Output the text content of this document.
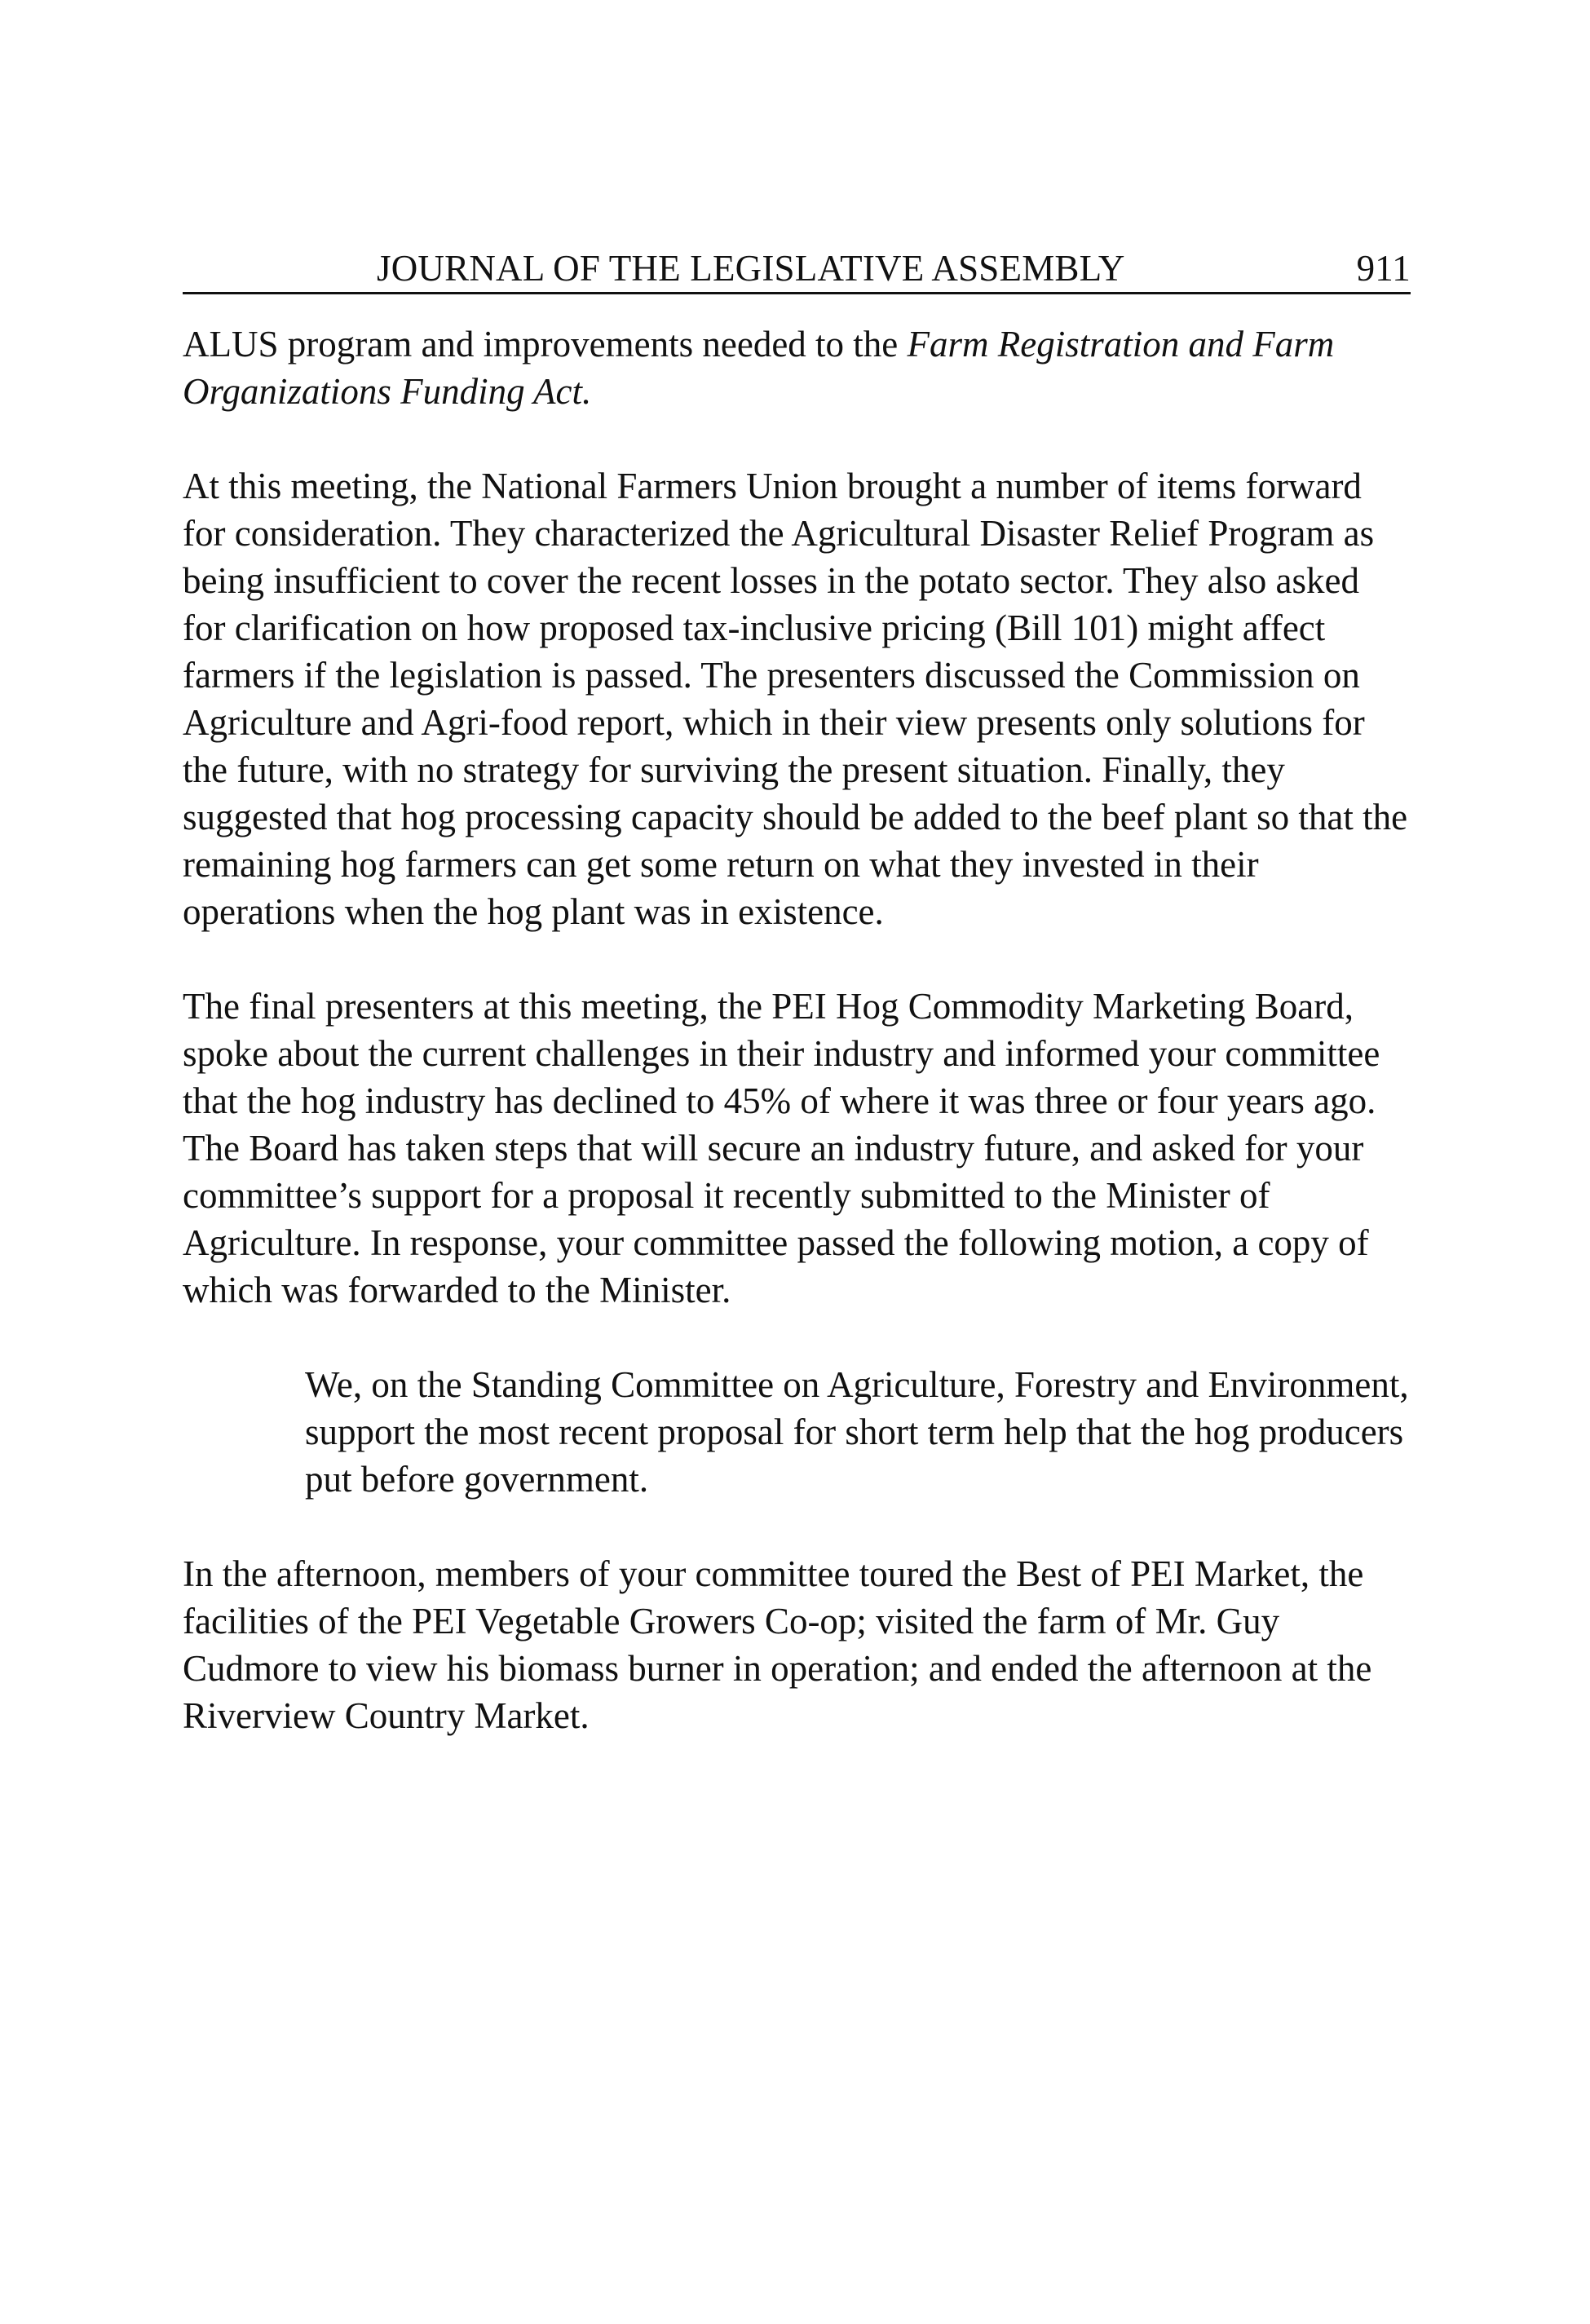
JOURNAL OF THE LEGISLATIVE ASSEMBLY	911

ALUS program and improvements needed to the Farm Registration and Farm Organizations Funding Act.

At this meeting, the National Farmers Union brought a number of items forward for consideration. They characterized the Agricultural Disaster Relief Program as being insufficient to cover the recent losses in the potato sector. They also asked for clarification on how proposed tax-inclusive pricing (Bill 101) might affect farmers if the legislation is passed. The presenters discussed the Commission on Agriculture and Agri-food report, which in their view presents only solutions for the future, with no strategy for surviving the present situation. Finally, they suggested that hog processing capacity should be added to the beef plant so that the remaining hog farmers can get some return on what they invested in their operations when the hog plant was in existence.

The final presenters at this meeting, the PEI Hog Commodity Marketing Board, spoke about the current challenges in their industry and informed your committee that the hog industry has declined to 45% of where it was three or four years ago. The Board has taken steps that will secure an industry future, and asked for your committee’s support for a proposal it recently submitted to the Minister of Agriculture. In response, your committee passed the following motion, a copy of which was forwarded to the Minister.

We, on the Standing Committee on Agriculture, Forestry and Environment, support the most recent proposal for short term help that the hog producers put before government.

In the afternoon, members of your committee toured the Best of PEI Market, the facilities of the PEI Vegetable Growers Co-op; visited the farm of Mr. Guy Cudmore to view his biomass burner in operation; and ended the afternoon at the Riverview Country Market.
